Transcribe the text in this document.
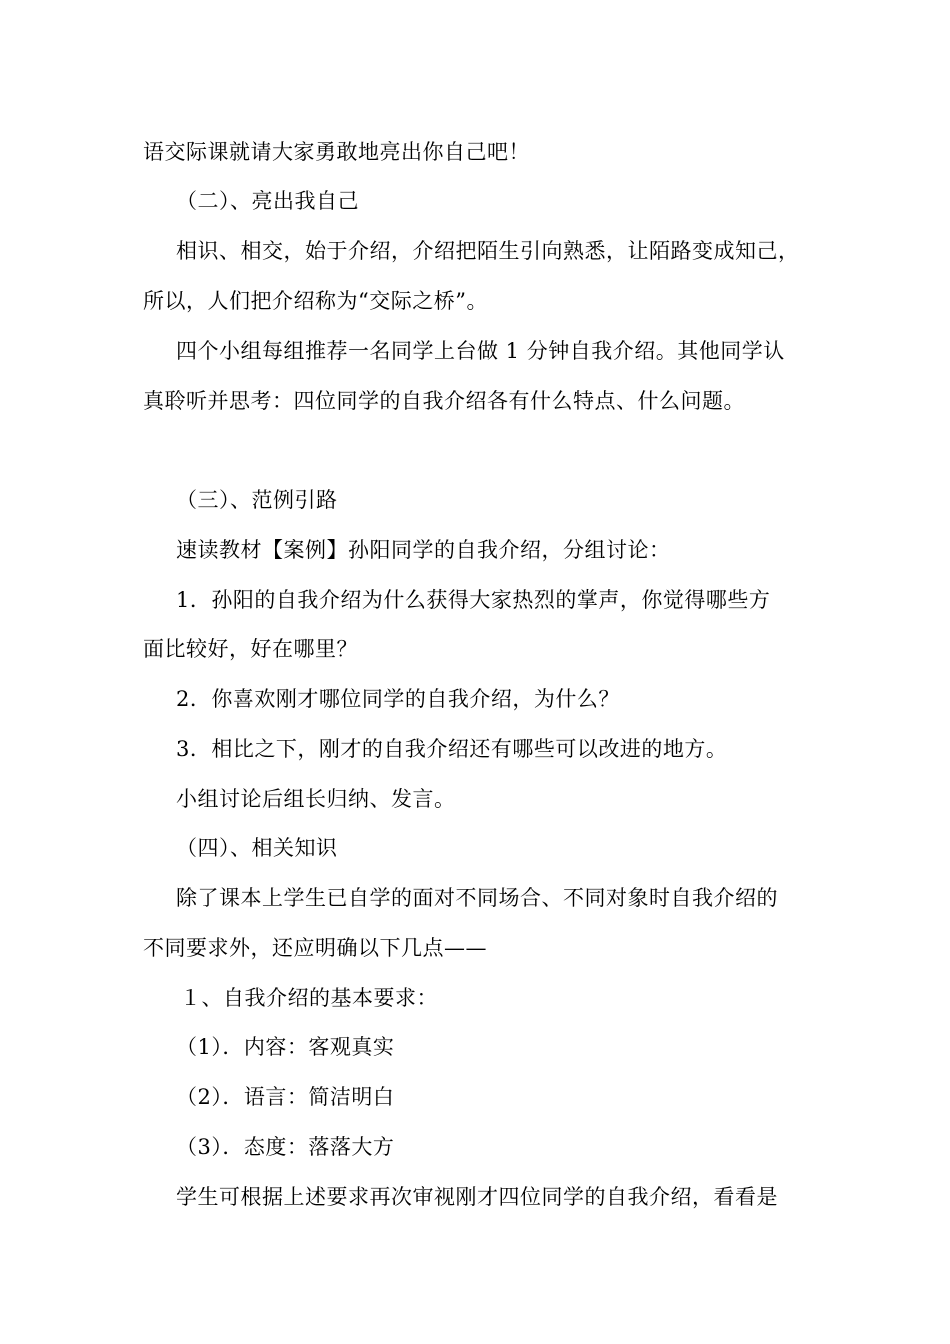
语交际课就请大家勇敢地亮出你自己吧！
（二）、亮出我自己
相识、相交，始于介绍，介绍把陌生引向熟悉，让陌路变成知己，
所以，人们把介绍称为“交际之桥”。
四个小组每组推荐一名同学上台做 1 分钟自我介绍。其他同学认
真聆听并思考：四位同学的自我介绍各有什么特点、什么问题。
（三）、范例引路
速读教材【案例】孙阳同学的自我介绍，分组讨论：
1．孙阳的自我介绍为什么获得大家热烈的掌声，你觉得哪些方
面比较好，好在哪里？
2．你喜欢刚才哪位同学的自我介绍，为什么？
3．相比之下，刚才的自我介绍还有哪些可以改进的地方。
小组讨论后组长归纳、发言。
（四）、相关知识
除了课本上学生已自学的面对不同场合、不同对象时自我介绍的
不同要求外，还应明确以下几点——
１、自我介绍的基本要求：
（1）．内容：客观真实
（2）．语言：简洁明白
（3）．态度：落落大方
学生可根据上述要求再次审视刚才四位同学的自我介绍，看看是
